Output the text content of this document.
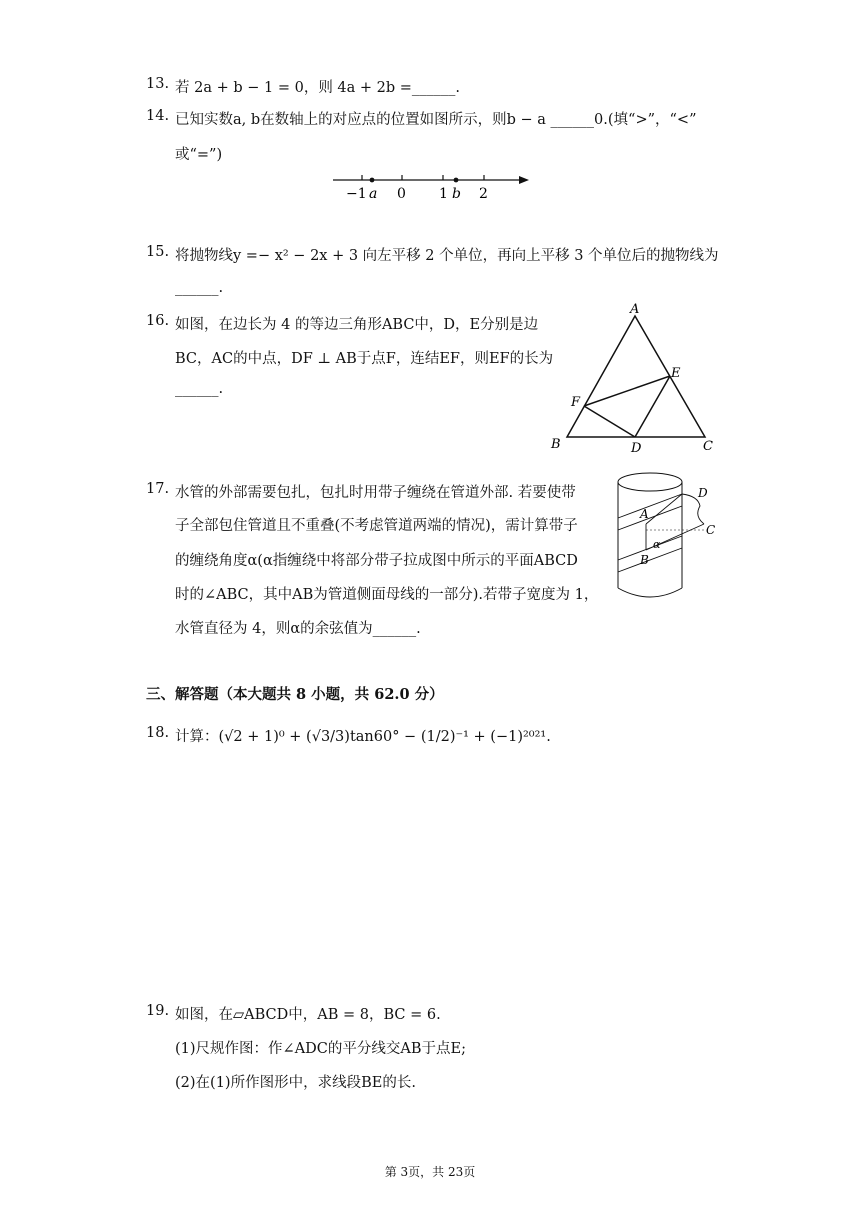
13. 若 2a + b − 1 = 0，则 4a + 2b =______.
14. 已知实数a, b在数轴上的对应点的位置如图所示，则b − a ______0.(填“>”，“<”
或“=”)
−1 a 0 1 b 2
15. 将抛物线y =− x² − 2x + 3 向左平移 2 个单位，再向上平移 3 个单位后的抛物线为
______.
16. 如图，在边长为 4 的等边三角形ABC中，D，E分别是边
BC，AC的中点，DF ⊥ AB于点F，连结EF，则EF的长为
______.
A
B	C
D
E
F
17. 水管的外部需要包扎，包扎时用带子缠绕在管道外部. 若要使带
子全部包住管道且不重叠(不考虑管道两端的情况)，需计算带子
的缠绕角度α(α指缠绕中将部分带子拉成图中所示的平面ABCD
时的∠ABC，其中AB为管道侧面母线的一部分).若带子宽度为 1，
水管直径为 4，则α的余弦值为______.
A
B
C
D
α
三、解答题（本大题共 8 小题，共 62.0 分）
18. 计算：(√2 + 1)⁰ + (√3/3)tan60° − (1/2)⁻¹ + (−1)²⁰²¹.
19. 如图，在▱ABCD中，AB = 8，BC = 6.
(1)尺规作图：作∠ADC的平分线交AB于点E;
(2)在(1)所作图形中，求线段BE的长.
第 3页，共 23页
